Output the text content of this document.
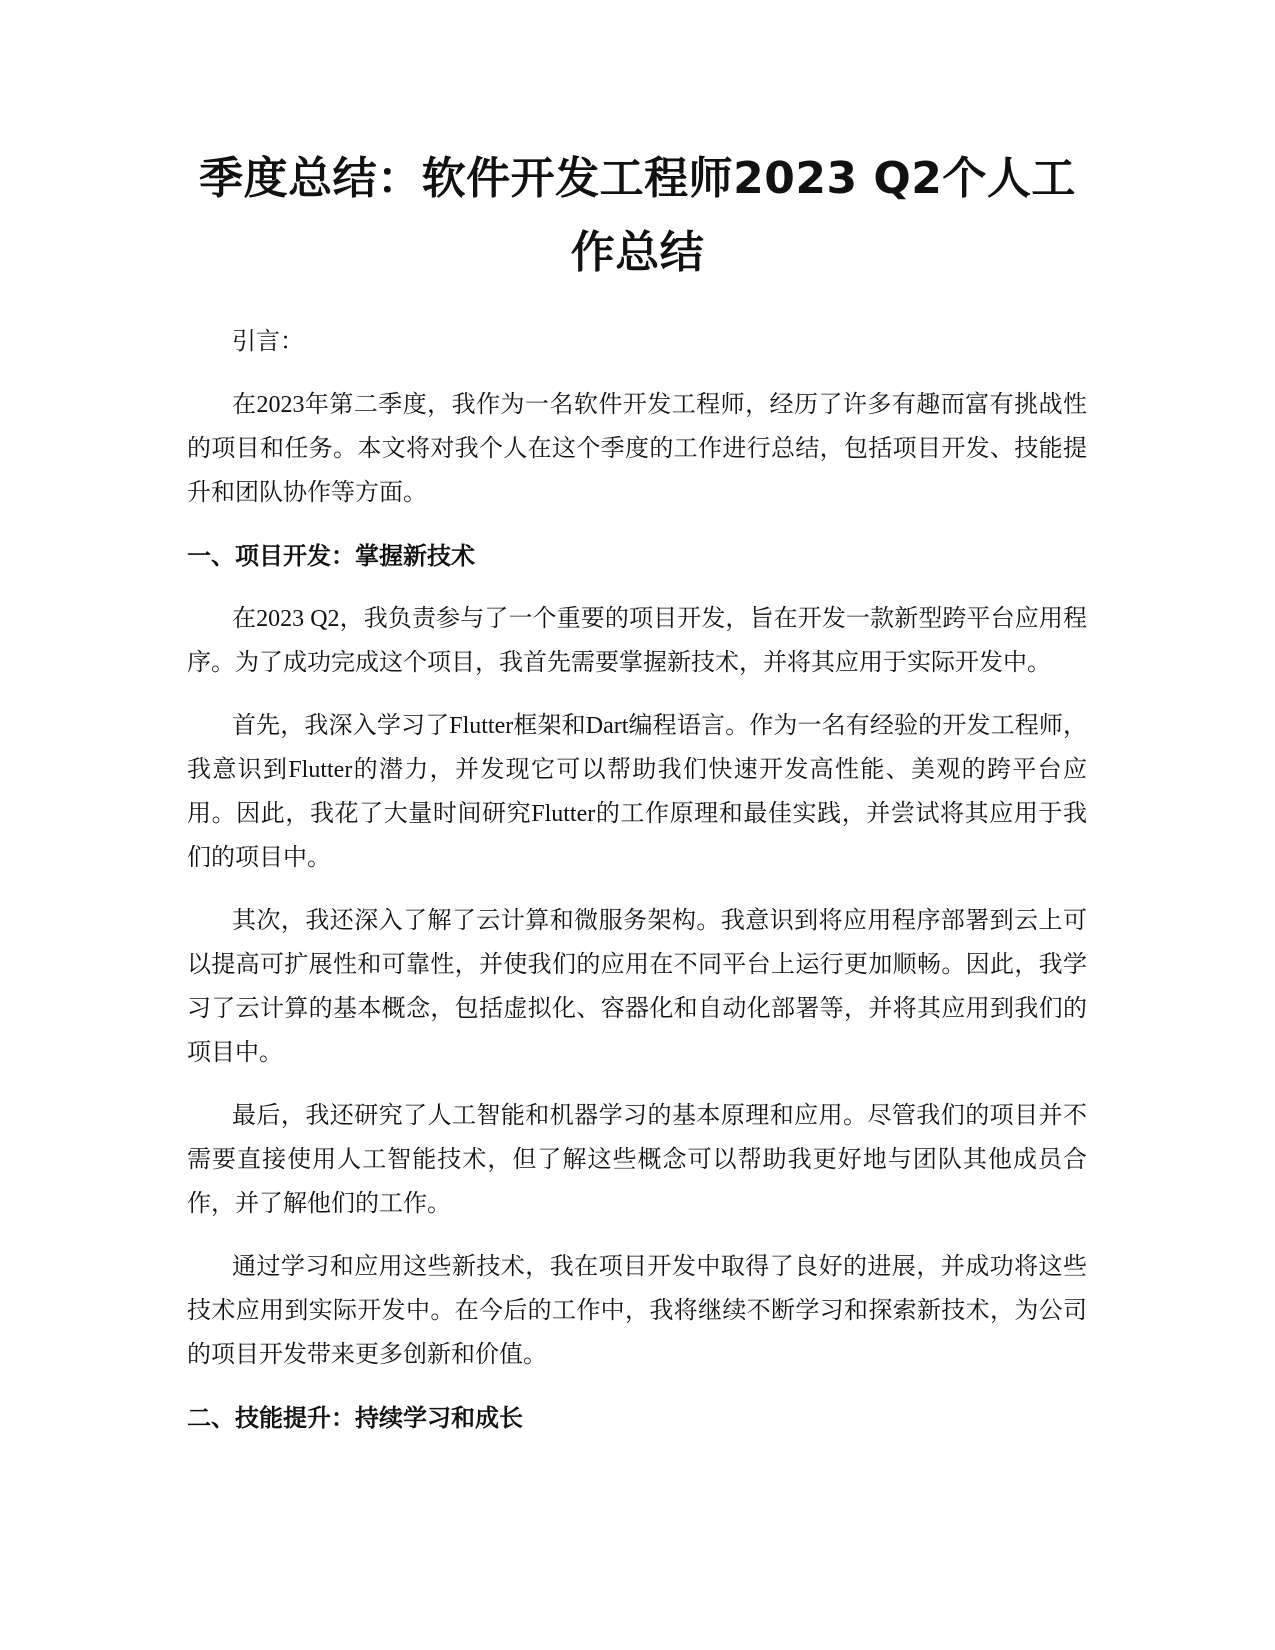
季度总结：软件开发工程师2023 Q2个人工作总结

引言：

在2023年第二季度，我作为一名软件开发工程师，经历了许多有趣而富有挑战性的项目和任务。本文将对我个人在这个季度的工作进行总结，包括项目开发、技能提升和团队协作等方面。

一、项目开发：掌握新技术

在2023 Q2，我负责参与了一个重要的项目开发，旨在开发一款新型跨平台应用程序。为了成功完成这个项目，我首先需要掌握新技术，并将其应用于实际开发中。

首先，我深入学习了Flutter框架和Dart编程语言。作为一名有经验的开发工程师，我意识到Flutter的潜力，并发现它可以帮助我们快速开发高性能、美观的跨平台应用。因此，我花了大量时间研究Flutter的工作原理和最佳实践，并尝试将其应用于我们的项目中。

其次，我还深入了解了云计算和微服务架构。我意识到将应用程序部署到云上可以提高可扩展性和可靠性，并使我们的应用在不同平台上运行更加顺畅。因此，我学习了云计算的基本概念，包括虚拟化、容器化和自动化部署等，并将其应用到我们的项目中。

最后，我还研究了人工智能和机器学习的基本原理和应用。尽管我们的项目并不需要直接使用人工智能技术，但了解这些概念可以帮助我更好地与团队其他成员合作，并了解他们的工作。

通过学习和应用这些新技术，我在项目开发中取得了良好的进展，并成功将这些技术应用到实际开发中。在今后的工作中，我将继续不断学习和探索新技术，为公司的项目开发带来更多创新和价值。

二、技能提升：持续学习和成长
